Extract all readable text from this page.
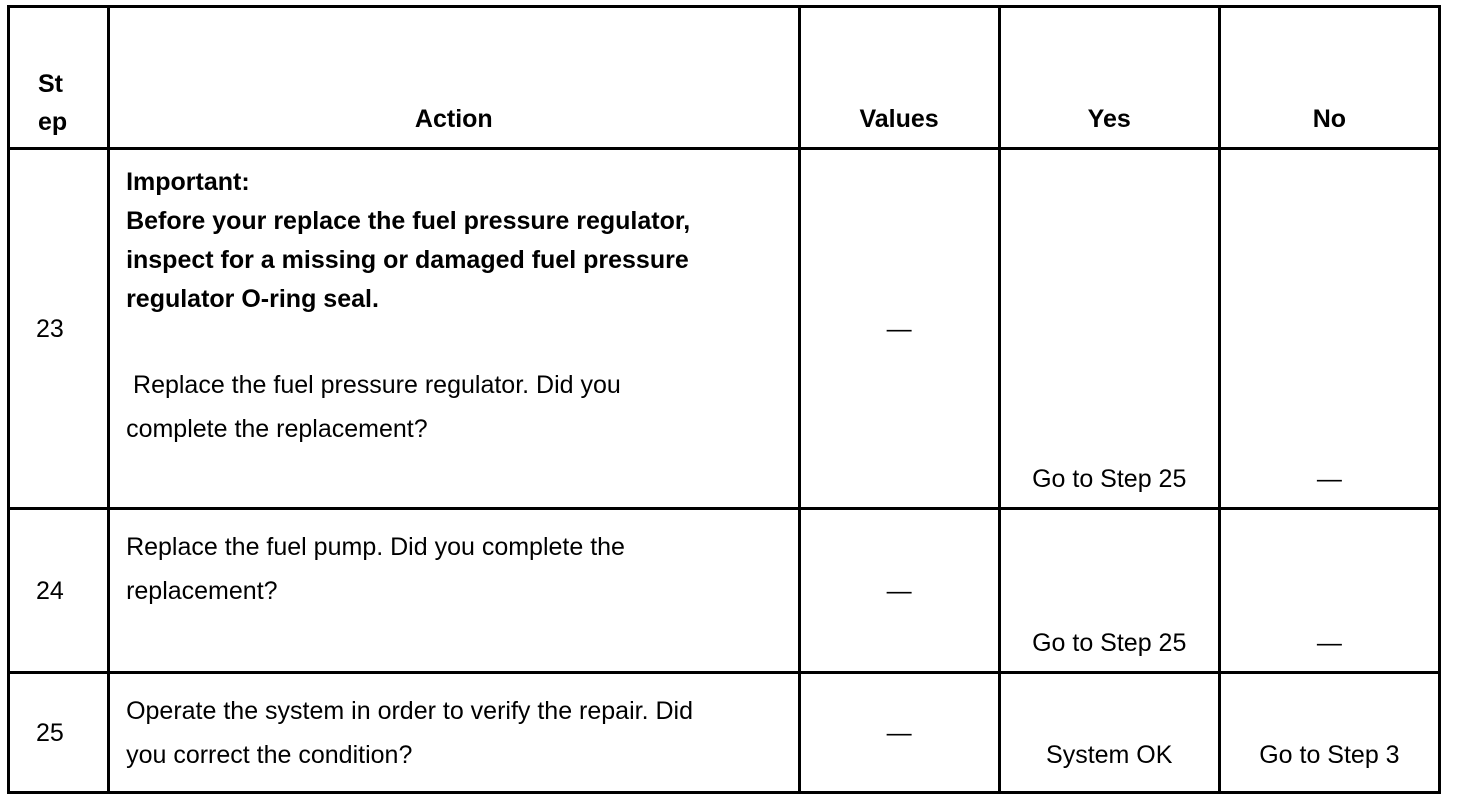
St
ep	Action	Values	Yes	No
23	Important:
Before your replace the fuel pressure regulator, inspect for a missing or damaged fuel pressure regulator O-ring seal.
Replace the fuel pressure regulator. Did you complete the replacement?	—	Go to Step 25	—
24	Replace the fuel pump. Did you complete the replacement?	—	Go to Step 25	—
25	Operate the system in order to verify the repair. Did you correct the condition?	—	System OK	Go to Step 3
